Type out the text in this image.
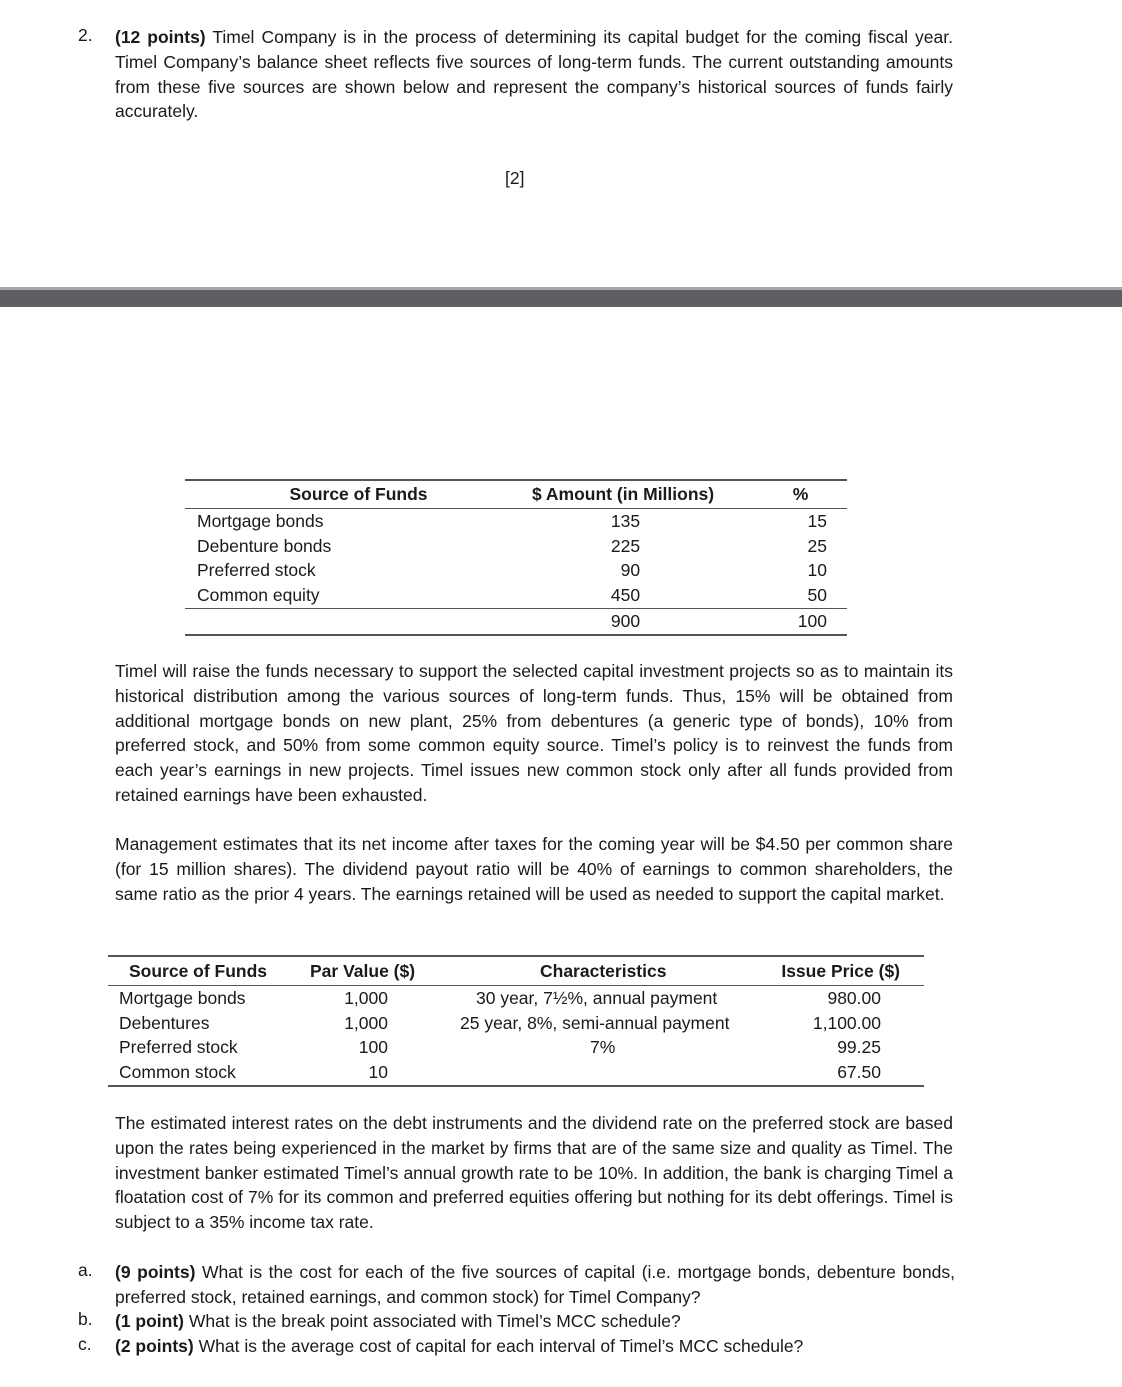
2. (12 points) Timel Company is in the process of determining its capital budget for the coming fiscal year. Timel Company’s balance sheet reflects five sources of long-term funds. The current outstanding amounts from these five sources are shown below and represent the company’s historical sources of funds fairly accurately.
[2]
Source of Funds	$ Amount (in Millions)	%
Mortgage bonds	135	15
Debenture bonds	225	25
Preferred stock	90	10
Common equity	450	50
	900	100
Timel will raise the funds necessary to support the selected capital investment projects so as to maintain its historical distribution among the various sources of long-term funds. Thus, 15% will be obtained from additional mortgage bonds on new plant, 25% from debentures (a generic type of bonds), 10% from preferred stock, and 50% from some common equity source. Timel’s policy is to reinvest the funds from each year’s earnings in new projects. Timel issues new common stock only after all funds provided from retained earnings have been exhausted.
Management estimates that its net income after taxes for the coming year will be $4.50 per common share (for 15 million shares). The dividend payout ratio will be 40% of earnings to common shareholders, the same ratio as the prior 4 years. The earnings retained will be used as needed to support the capital market.
Source of Funds	Par Value ($)	Characteristics	Issue Price ($)
Mortgage bonds	1,000	30 year, 7½%, annual payment	980.00
Debentures	1,000	25 year, 8%, semi-annual payment	1,100.00
Preferred stock	100	7%	99.25
Common stock	10		67.50
The estimated interest rates on the debt instruments and the dividend rate on the preferred stock are based upon the rates being experienced in the market by firms that are of the same size and quality as Timel. The investment banker estimated Timel’s annual growth rate to be 10%. In addition, the bank is charging Timel a floatation cost of 7% for its common and preferred equities offering but nothing for its debt offerings. Timel is subject to a 35% income tax rate.
a. (9 points) What is the cost for each of the five sources of capital (i.e. mortgage bonds, debenture bonds, preferred stock, retained earnings, and common stock) for Timel Company?
b. (1 point) What is the break point associated with Timel’s MCC schedule?
c. (2 points) What is the average cost of capital for each interval of Timel’s MCC schedule?
